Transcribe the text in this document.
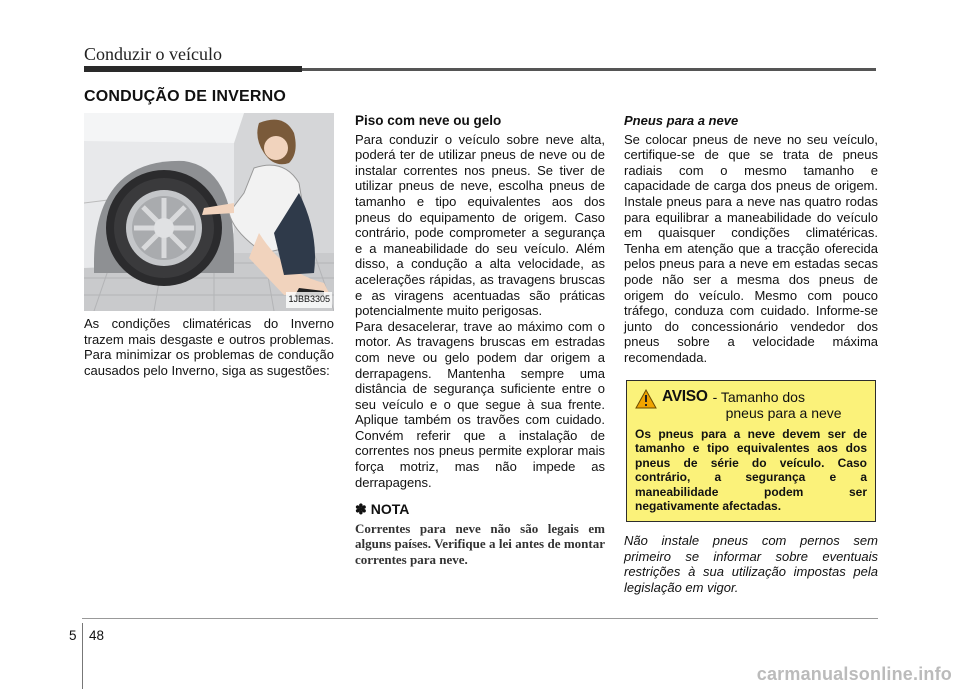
Conduzir o veículo
CONDUÇÃO DE INVERNO
1JBB3305

As condições climatéricas do Inverno trazem mais desgaste e outros problemas. Para minimizar os problemas de condução causados pelo Inverno, siga as sugestões:

Piso com neve ou gelo

Para conduzir o veículo sobre neve alta, poderá ter de utilizar pneus de neve ou de instalar correntes nos pneus. Se tiver de utilizar pneus de neve, escolha pneus de tamanho e tipo equivalentes aos dos pneus do equipamento de origem. Caso contrário, pode comprometer a segurança e a maneabilidade do seu veículo. Além disso, a condução a alta velocidade, as acelerações rápidas, as travagens bruscas e as viragens acentuadas são práticas potencialmente muito perigosas.

Para desacelerar, trave ao máximo com o motor. As travagens bruscas em estradas com neve ou gelo podem dar origem a derrapagens. Mantenha sempre uma distância de segurança suficiente entre o seu veículo e o que segue à sua frente. Aplique também os travões com cuidado. Convém referir que a instalação de correntes nos pneus permite explorar mais força motriz, mas não impede as derrapagens.

✽ NOTA
Correntes para neve não são legais em alguns países. Verifique a lei antes de montar correntes para neve.
Pneus para a neve

Se colocar pneus de neve no seu veículo, certifique-se de que se trata de pneus radiais com o mesmo tamanho e capacidade de carga dos pneus de origem. Instale pneus para a neve nas quatro rodas para equilibrar a maneabilidade do veículo em quaisquer condições climatéricas. Tenha em atenção que a tracção oferecida pelos pneus para a neve em estadas secas pode não ser a mesma dos pneus de origem do veículo. Mesmo com pouco tráfego, conduza com cuidado. Informe-se junto do concessionário vendedor dos pneus sobre a velocidade máxima recomendada.

AVISO - Tamanho dos
pneus para a neve
Os pneus para a neve devem ser de tamanho e tipo equivalentes aos dos pneus de série do veículo. Caso contrário, a segurança e a maneabilidade podem ser negativamente afectadas.

Não instale pneus com pernos sem primeiro se informar sobre eventuais restrições à sua utilização impostas pela legislação em vigor.

5 48
carmanualsonline.info
